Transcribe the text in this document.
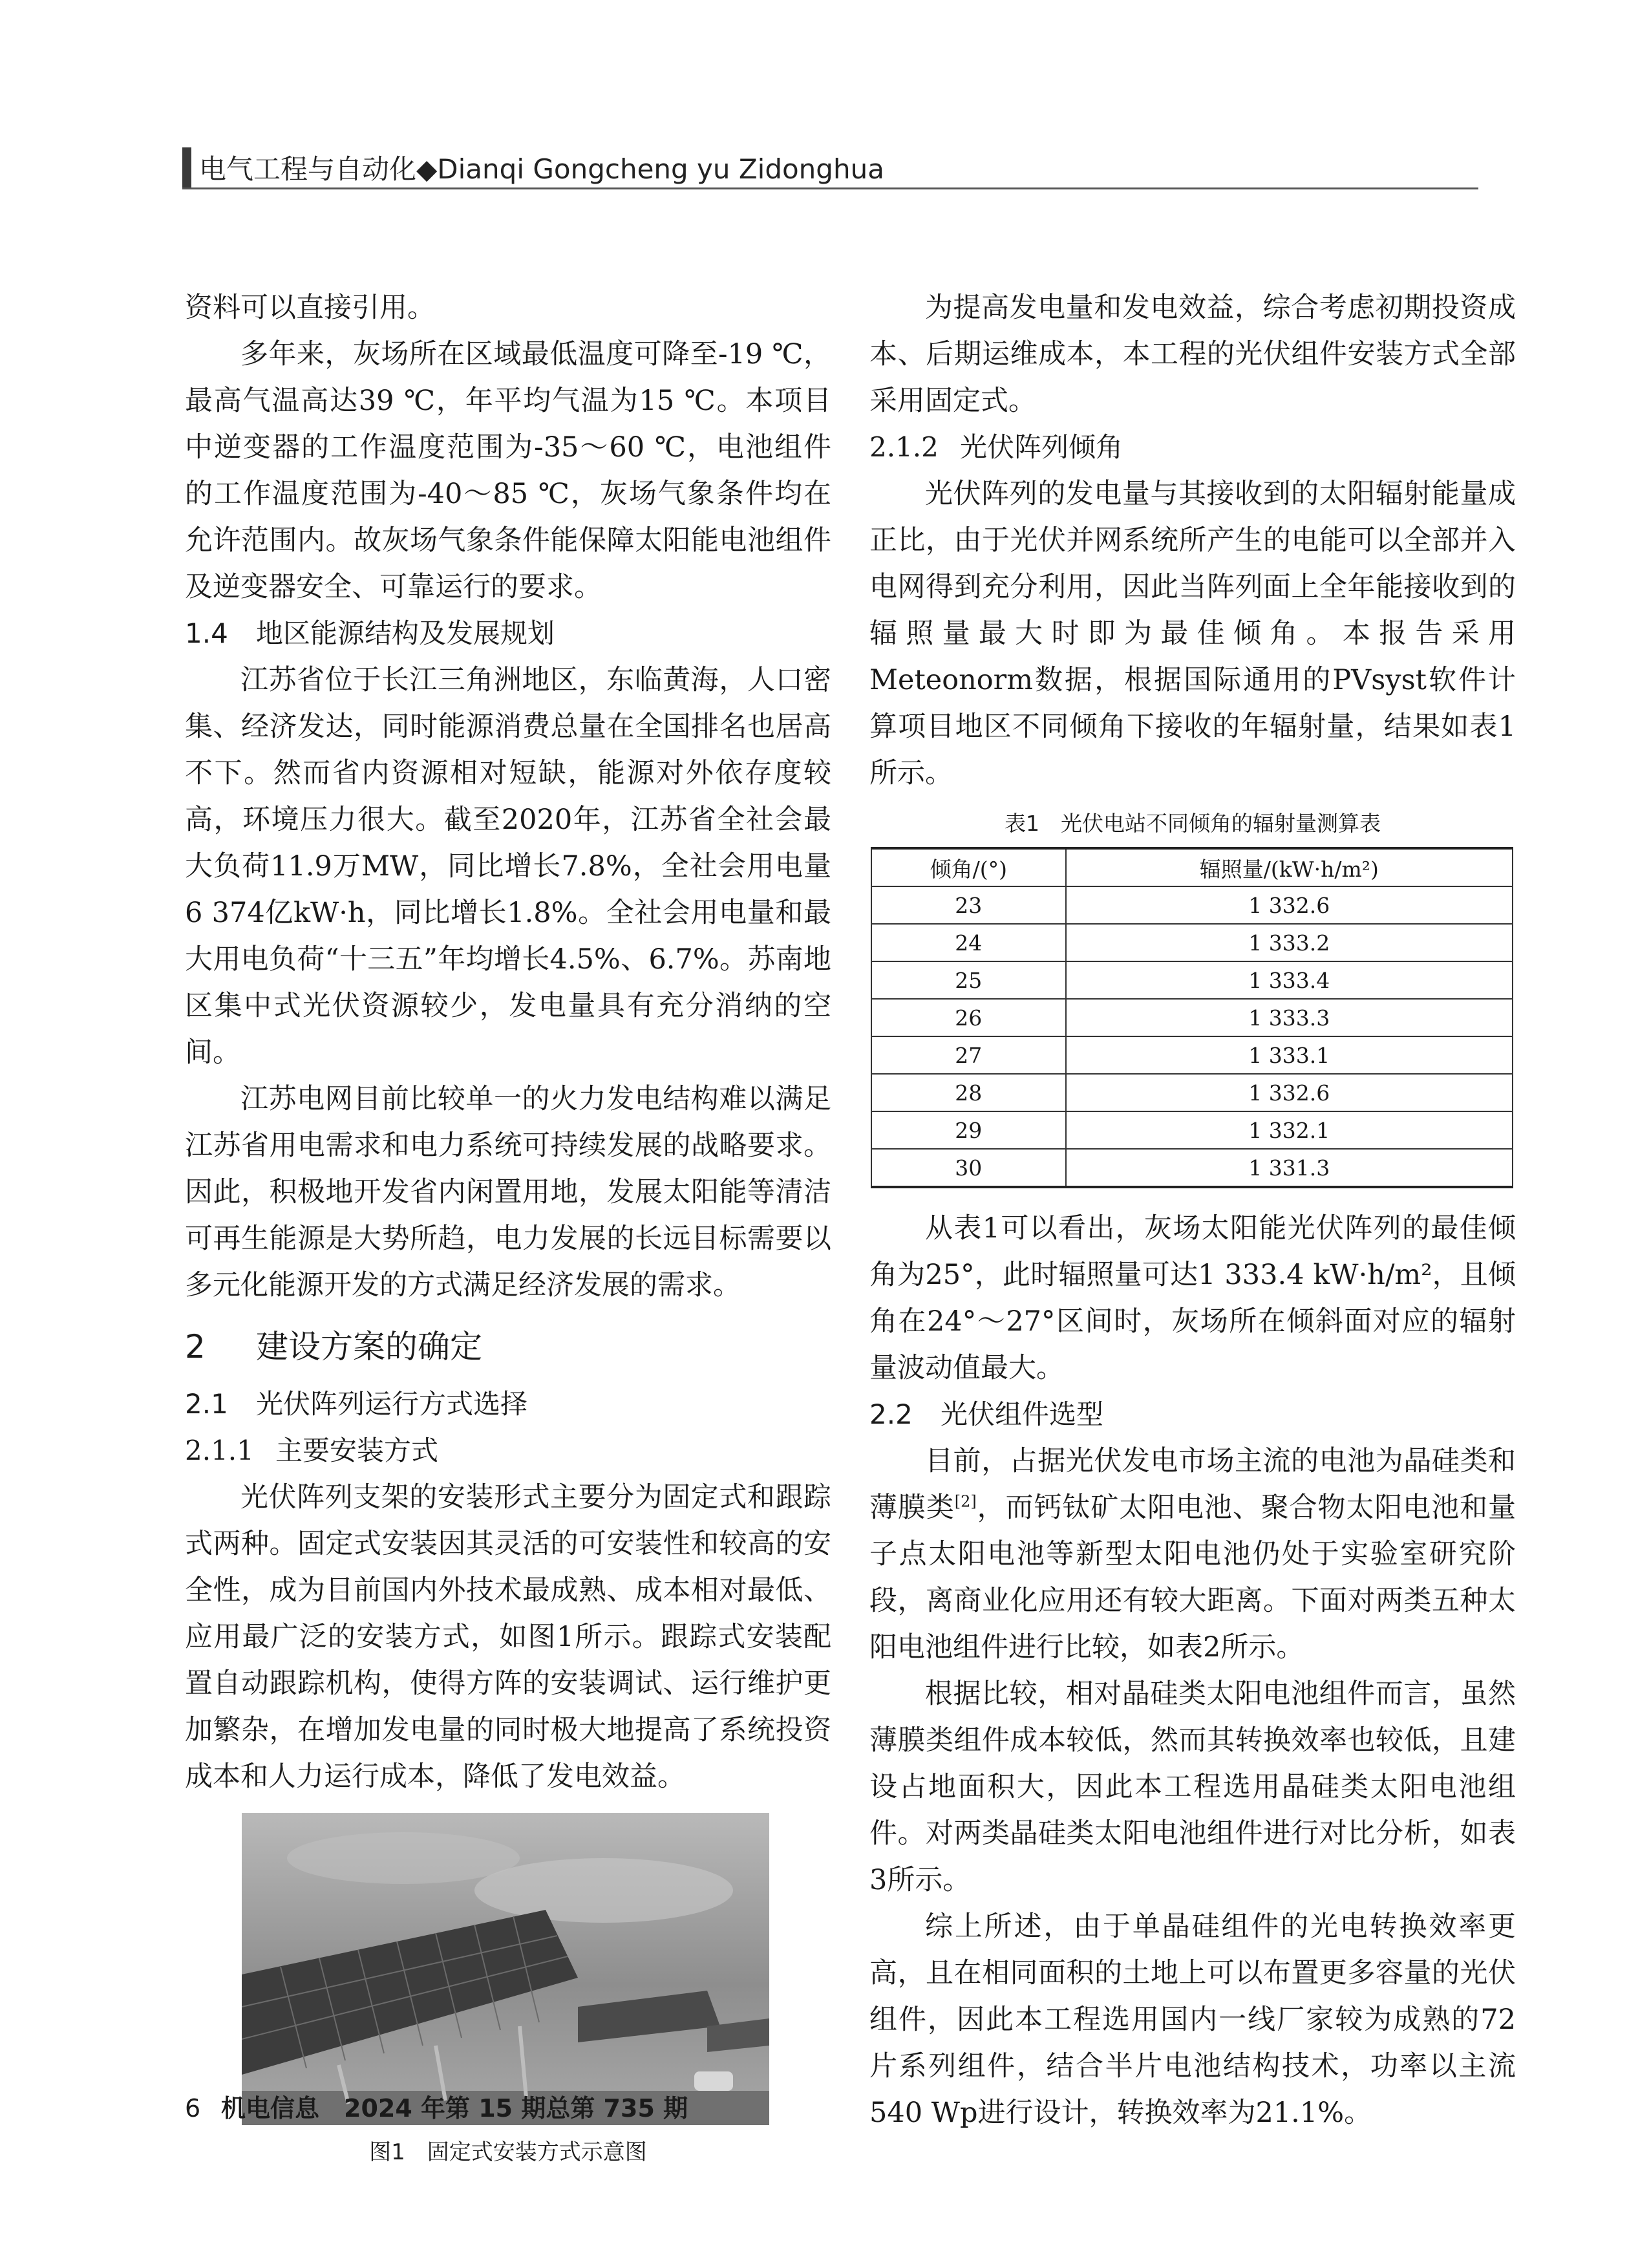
电气工程与自动化◆Dianqi Gongcheng yu Zidonghua

资料可以直接引用。

多年来，灰场所在区域最低温度可降至-19 ℃，最高气温高达39 ℃，年平均气温为15 ℃。本项目中逆变器的工作温度范围为-35～60 ℃，电池组件的工作温度范围为-40～85 ℃，灰场气象条件均在允许范围内。故灰场气象条件能保障太阳能电池组件及逆变器安全、可靠运行的要求。

1.4 地区能源结构及发展规划

江苏省位于长江三角洲地区，东临黄海，人口密集、经济发达，同时能源消费总量在全国排名也居高不下。然而省内资源相对短缺，能源对外依存度较高，环境压力很大。截至2020年，江苏省全社会最大负荷11.9万MW，同比增长7.8%，全社会用电量6 374亿kW·h，同比增长1.8%。全社会用电量和最大用电负荷“十三五”年均增长4.5%、6.7%。苏南地区集中式光伏资源较少，发电量具有充分消纳的空间。

江苏电网目前比较单一的火力发电结构难以满足江苏省用电需求和电力系统可持续发展的战略要求。因此，积极地开发省内闲置用地，发展太阳能等清洁可再生能源是大势所趋，电力发展的长远目标需要以多元化能源开发的方式满足经济发展的需求。

2 建设方案的确定
2.1 光伏阵列运行方式选择
2.1.1 主要安装方式

光伏阵列支架的安装形式主要分为固定式和跟踪式两种。固定式安装因其灵活的可安装性和较高的安全性，成为目前国内外技术最成熟、成本相对最低、应用最广泛的安装方式，如图1所示。跟踪式安装配置自动跟踪机构，使得方阵的安装调试、运行维护更加繁杂，在增加发电量的同时极大地提高了系统投资成本和人力运行成本，降低了发电效益。

图1　固定式安装方式示意图

为提高发电量和发电效益，综合考虑初期投资成本、后期运维成本，本工程的光伏组件安装方式全部采用固定式。

2.1.2 光伏阵列倾角

光伏阵列的发电量与其接收到的太阳辐射能量成正比，由于光伏并网系统所产生的电能可以全部并入电网得到充分利用，因此当阵列面上全年能接收到的辐照量最大时即为最佳倾角。本报告采用Meteonorm数据，根据国际通用的PVsyst软件计算项目地区不同倾角下接收的年辐射量，结果如表1所示。

表1　光伏电站不同倾角的辐射量测算表
倾角/(°)	辐照量/(kW·h/m²)
23	1 332.6
24	1 333.2
25	1 333.4
26	1 333.3
27	1 333.1
28	1 332.6
29	1 332.1
30	1 331.3

从表1可以看出，灰场太阳能光伏阵列的最佳倾角为25°，此时辐照量可达1 333.4 kW·h/m²，且倾角在24°～27°区间时，灰场所在倾斜面对应的辐射量波动值最大。

2.2 光伏组件选型

目前，占据光伏发电市场主流的电池为晶硅类和薄膜类[2]，而钙钛矿太阳电池、聚合物太阳电池和量子点太阳电池等新型太阳电池仍处于实验室研究阶段，离商业化应用还有较大距离。下面对两类五种太阳电池组件进行比较，如表2所示。

根据比较，相对晶硅类太阳电池组件而言，虽然薄膜类组件成本较低，然而其转换效率也较低，且建设占地面积大，因此本工程选用晶硅类太阳电池组件。对两类晶硅类太阳电池组件进行对比分析，如表3所示。

综上所述，由于单晶硅组件的光电转换效率更高，且在相同面积的土地上可以布置更多容量的光伏组件，因此本工程选用国内一线厂家较为成熟的72片系列组件，结合半片电池结构技术，功率以主流540 Wp进行设计，转换效率为21.1%。

6 机电信息　2024 年第 15 期总第 735 期
